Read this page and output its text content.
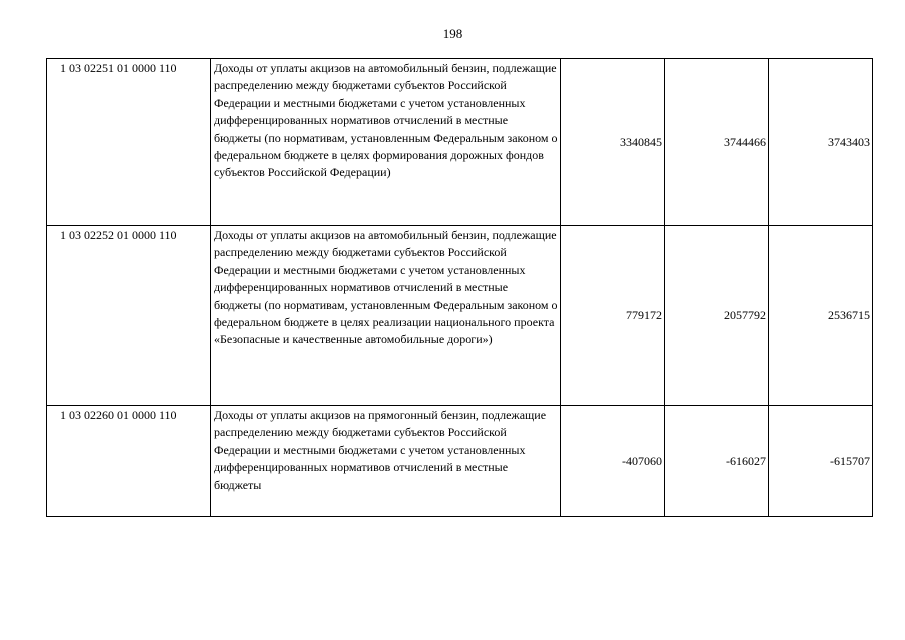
198
1 03 02251 01 0000 110	Доходы от уплаты акцизов на автомобильный бензин, подлежащие распределению между бюджетами субъектов Российской Федерации и местными бюджетами с учетом установленных дифференцированных нормативов отчислений в местные бюджеты (по нормативам, установленным Федеральным законом о федеральном бюджете в целях формирования дорожных фондов субъектов Российской Федерации)	3340845	3744466	3743403
1 03 02252 01 0000 110	Доходы от уплаты акцизов на автомобильный бензин, подлежащие распределению между бюджетами субъектов Российской Федерации и местными бюджетами с учетом установленных дифференцированных нормативов отчислений в местные бюджеты (по нормативам, установленным Федеральным законом о федеральном бюджете в целях реализации национального проекта «Безопасные и качественные автомобильные дороги»)	779172	2057792	2536715
1 03 02260 01 0000 110	Доходы от уплаты акцизов на прямогонный бензин, подлежащие распределению между бюджетами субъектов Российской Федерации и местными бюджетами с учетом установленных дифференцированных нормативов отчислений в местные бюджеты	-407060	-616027	-615707
